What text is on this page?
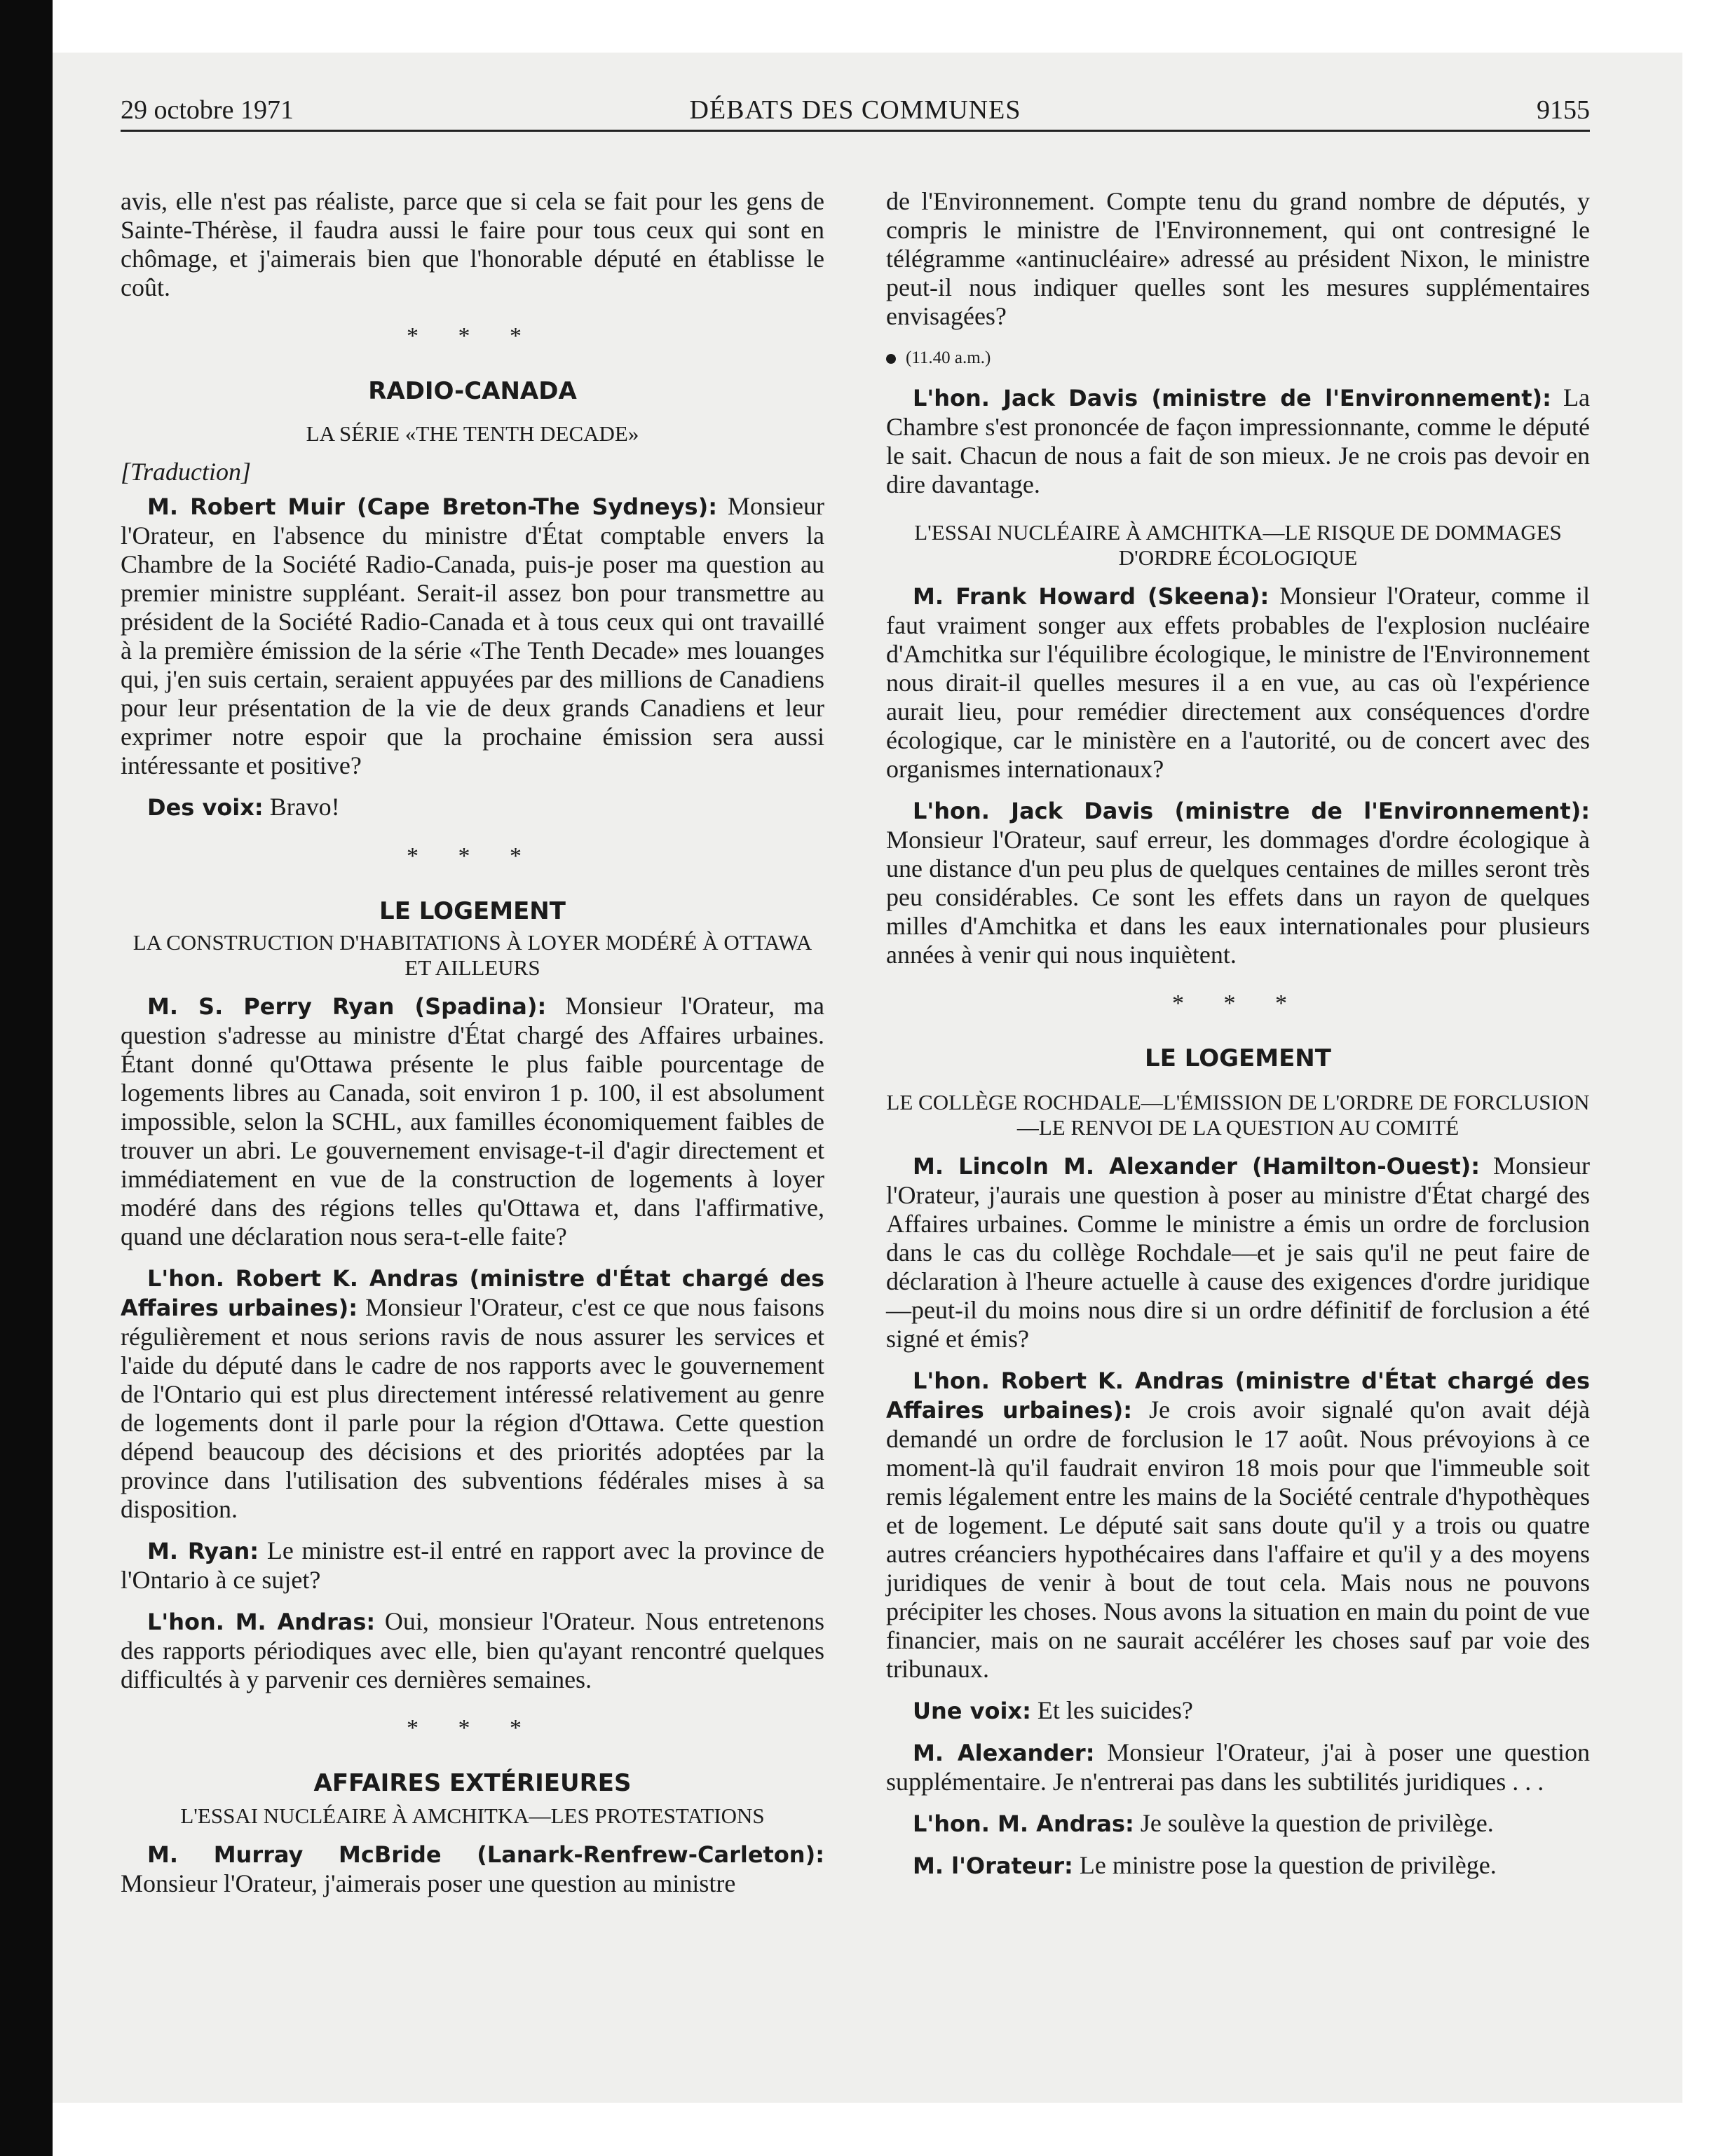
29 octobre 1971	DÉBATS DES COMMUNES	9155

avis, elle n'est pas réaliste, parce que si cela se fait pour les gens de Sainte-Thérèse, il faudra aussi le faire pour tous ceux qui sont en chômage, et j'aimerais bien que l'honorable député en établisse le coût.

* * *
RADIO-CANADA
LA SÉRIE «THE TENTH DECADE»
[Traduction]

M. Robert Muir (Cape Breton-The Sydneys): Monsieur l'Orateur, en l'absence du ministre d'État comptable envers la Chambre de la Société Radio-Canada, puis-je poser ma question au premier ministre suppléant. Serait-il assez bon pour transmettre au président de la Société Radio-Canada et à tous ceux qui ont travaillé à la première émission de la série «The Tenth Decade» mes louanges qui, j'en suis certain, seraient appuyées par des millions de Canadiens pour leur présentation de la vie de deux grands Canadiens et leur exprimer notre espoir que la prochaine émission sera aussi intéressante et positive?

Des voix: Bravo!

* * *
LE LOGEMENT
LA CONSTRUCTION D'HABITATIONS À LOYER MODÉRÉ À OTTAWA ET AILLEURS

M. S. Perry Ryan (Spadina): Monsieur l'Orateur, ma question s'adresse au ministre d'État chargé des Affaires urbaines. Étant donné qu'Ottawa présente le plus faible pourcentage de logements libres au Canada, soit environ 1 p. 100, il est absolument impossible, selon la SCHL, aux familles économiquement faibles de trouver un abri. Le gouvernement envisage-t-il d'agir directement et immédiatement en vue de la construction de logements à loyer modéré dans des régions telles qu'Ottawa et, dans l'affirmative, quand une déclaration nous sera-t-elle faite?

L'hon. Robert K. Andras (ministre d'État chargé des Affaires urbaines): Monsieur l'Orateur, c'est ce que nous faisons régulièrement et nous serions ravis de nous assurer les services et l'aide du député dans le cadre de nos rapports avec le gouvernement de l'Ontario qui est plus directement intéressé relativement au genre de logements dont il parle pour la région d'Ottawa. Cette question dépend beaucoup des décisions et des priorités adoptées par la province dans l'utilisation des subventions fédérales mises à sa disposition.

M. Ryan: Le ministre est-il entré en rapport avec la province de l'Ontario à ce sujet?

L'hon. M. Andras: Oui, monsieur l'Orateur. Nous entretenons des rapports périodiques avec elle, bien qu'ayant rencontré quelques difficultés à y parvenir ces dernières semaines.

* * *
AFFAIRES EXTÉRIEURES
L'ESSAI NUCLÉAIRE À AMCHITKA—LES PROTESTATIONS

M. Murray McBride (Lanark-Renfrew-Carleton): Monsieur l'Orateur, j'aimerais poser une question au ministre

de l'Environnement. Compte tenu du grand nombre de députés, y compris le ministre de l'Environnement, qui ont contresigné le télégramme «antinucléaire» adressé au président Nixon, le ministre peut-il nous indiquer quelles sont les mesures supplémentaires envisagées?

(11.40 a.m.)

L'hon. Jack Davis (ministre de l'Environnement): La Chambre s'est prononcée de façon impressionnante, comme le député le sait. Chacun de nous a fait de son mieux. Je ne crois pas devoir en dire davantage.

L'ESSAI NUCLÉAIRE À AMCHITKA—LE RISQUE DE DOMMAGES D'ORDRE ÉCOLOGIQUE

M. Frank Howard (Skeena): Monsieur l'Orateur, comme il faut vraiment songer aux effets probables de l'explosion nucléaire d'Amchitka sur l'équilibre écologique, le ministre de l'Environnement nous dirait-il quelles mesures il a en vue, au cas où l'expérience aurait lieu, pour remédier directement aux conséquences d'ordre écologique, car le ministère en a l'autorité, ou de concert avec des organismes internationaux?

L'hon. Jack Davis (ministre de l'Environnement): Monsieur l'Orateur, sauf erreur, les dommages d'ordre écologique à une distance d'un peu plus de quelques centaines de milles seront très peu considérables. Ce sont les effets dans un rayon de quelques milles d'Amchitka et dans les eaux internationales pour plusieurs années à venir qui nous inquiètent.

* * *
LE LOGEMENT
LE COLLÈGE ROCHDALE—L'ÉMISSION DE L'ORDRE DE FORCLUSION—LE RENVOI DE LA QUESTION AU COMITÉ

M. Lincoln M. Alexander (Hamilton-Ouest): Monsieur l'Orateur, j'aurais une question à poser au ministre d'État chargé des Affaires urbaines. Comme le ministre a émis un ordre de forclusion dans le cas du collège Rochdale—et je sais qu'il ne peut faire de déclaration à l'heure actuelle à cause des exigences d'ordre juridique—peut-il du moins nous dire si un ordre définitif de forclusion a été signé et émis?

L'hon. Robert K. Andras (ministre d'État chargé des Affaires urbaines): Je crois avoir signalé qu'on avait déjà demandé un ordre de forclusion le 17 août. Nous prévoyions à ce moment-là qu'il faudrait environ 18 mois pour que l'immeuble soit remis légalement entre les mains de la Société centrale d'hypothèques et de logement. Le député sait sans doute qu'il y a trois ou quatre autres créanciers hypothécaires dans l'affaire et qu'il y a des moyens juridiques de venir à bout de tout cela. Mais nous ne pouvons précipiter les choses. Nous avons la situation en main du point de vue financier, mais on ne saurait accélérer les choses sauf par voie des tribunaux.

Une voix: Et les suicides?

M. Alexander: Monsieur l'Orateur, j'ai à poser une question supplémentaire. Je n'entrerai pas dans les subtilités juridiques . . .

L'hon. M. Andras: Je soulève la question de privilège.

M. l'Orateur: Le ministre pose la question de privilège.
